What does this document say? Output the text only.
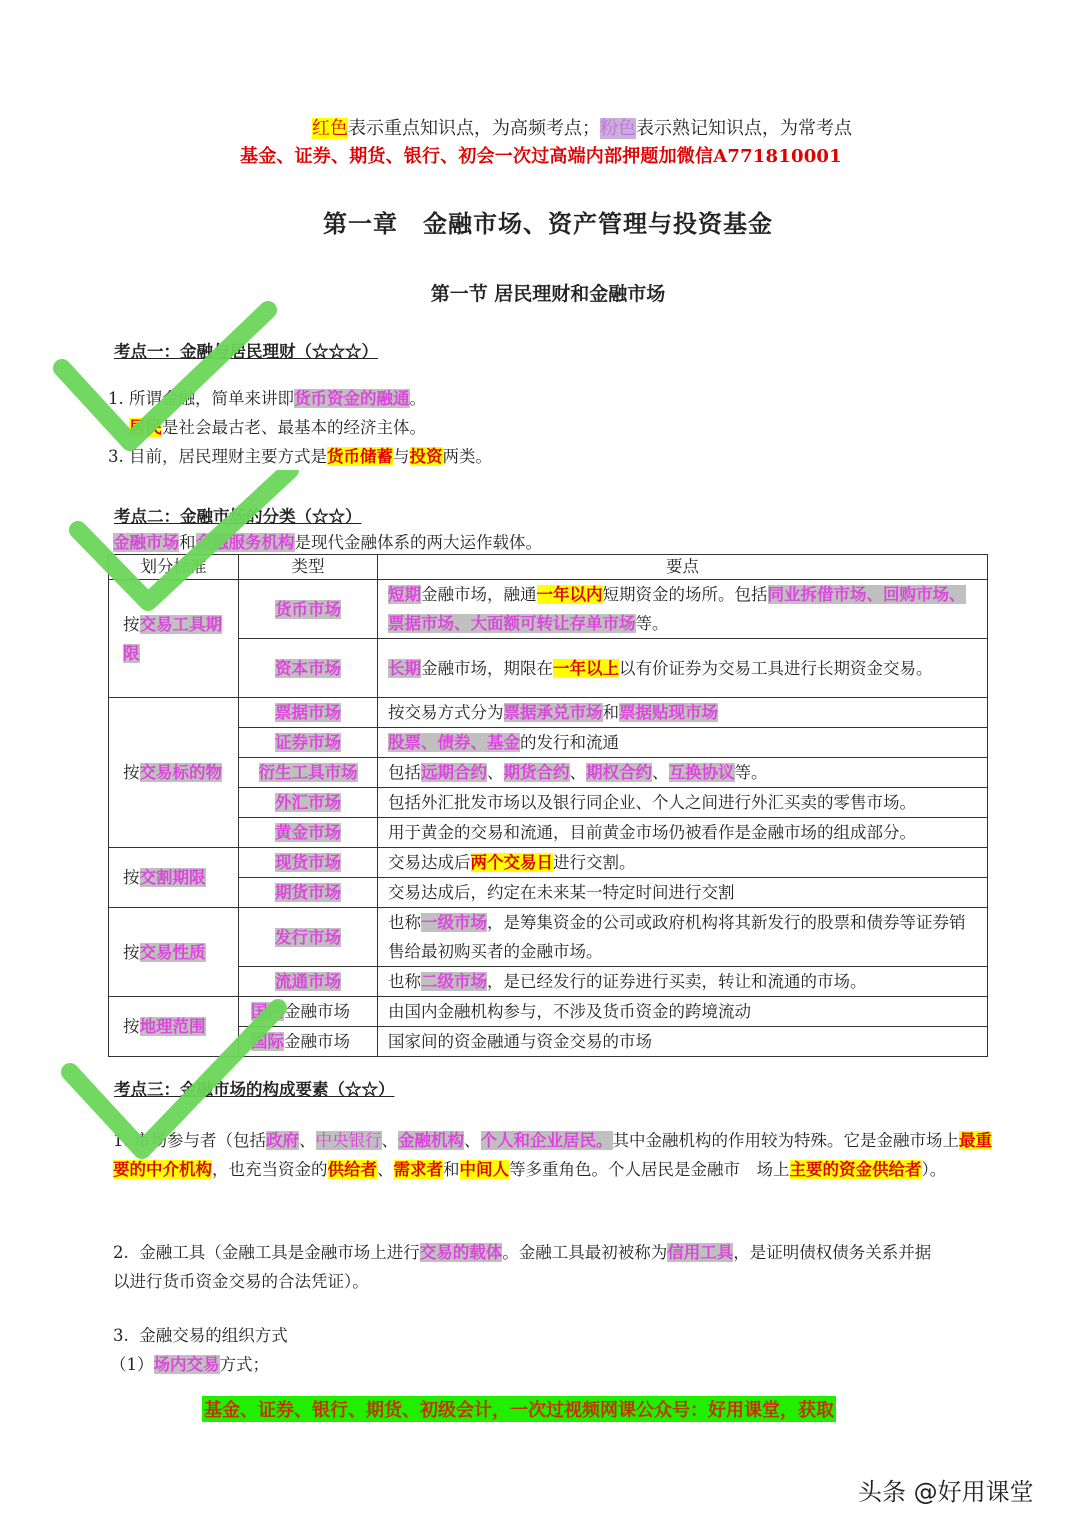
红色表示重点知识点，为高频考点；粉色表示熟记知识点，为常考点
基金、证券、期货、银行、初会一次过高端内部押题加微信A771810001
第一章　金融市场、资产管理与投资基金
第一节 居民理财和金融市场
考点一：金融与居民理财（☆☆☆）
1. 所谓金融，简单来讲即货币资金的融通。
居民是社会最古老、最基本的经济主体。
3. 目前，居民理财主要方式是货币储蓄与投资两类。
考点二：金融市场的分类（☆☆）
金融市场和金融服务机构是现代金融体系的两大运作载体。
划分标准	类型	要点
按交易工具期限	货币市场	短期金融市场，融通一年以内短期资金的场所。包括同业拆借市场、回购市场、票据市场、大面额可转让存单市场等。
	资本市场	长期金融市场，期限在一年以上以有价证券为交易工具进行长期资金交易。
按交易标的物	票据市场	按交易方式分为票据承兑市场和票据贴现市场
	证券市场	股票、债券、基金的发行和流通
	衍生工具市场	包括远期合约、期货合约、期权合约、互换协议等。
	外汇市场	包括外汇批发市场以及银行同企业、个人之间进行外汇买卖的零售市场。
	黄金市场	用于黄金的交易和流通，目前黄金市场仍被看作是金融市场的组成部分。
按交割期限	现货市场	交易达成后两个交易日进行交割。
	期货市场	交易达成后，约定在未来某一特定时间进行交割
按交易性质	发行市场	也称一级市场，是筹集资金的公司或政府机构将其新发行的股票和债券等证券销售给最初购买者的金融市场。
	流通市场	也称二级市场，是已经发行的证券进行买卖，转让和流通的市场。
按地理范围	国内金融市场	由国内金融机构参与，不涉及货币资金的跨境流动
	国际金融市场	国家间的资金融通与资金交易的市场
考点三：金融市场的构成要素（☆☆）
1. 市场参与者（包括政府、中央银行、金融机构、个人和企业居民。其中金融机构的作用较为特殊。它是金融市场上最重要的中介机构，也充当资金的供给者、需求者和中间人等多重角色。个人居民是金融市　场上主要的资金供给者）。
2. 金融工具（金融工具是金融市场上进行交易的载体。金融工具最初被称为信用工具，是证明债权债务关系并据以进行货币资金交易的合法凭证）。
3. 金融交易的组织方式
（1）场内交易方式；
基金、证券、银行、期货、初级会计，一次过视频网课公众号：好用课堂，获取
头条 @好用课堂
